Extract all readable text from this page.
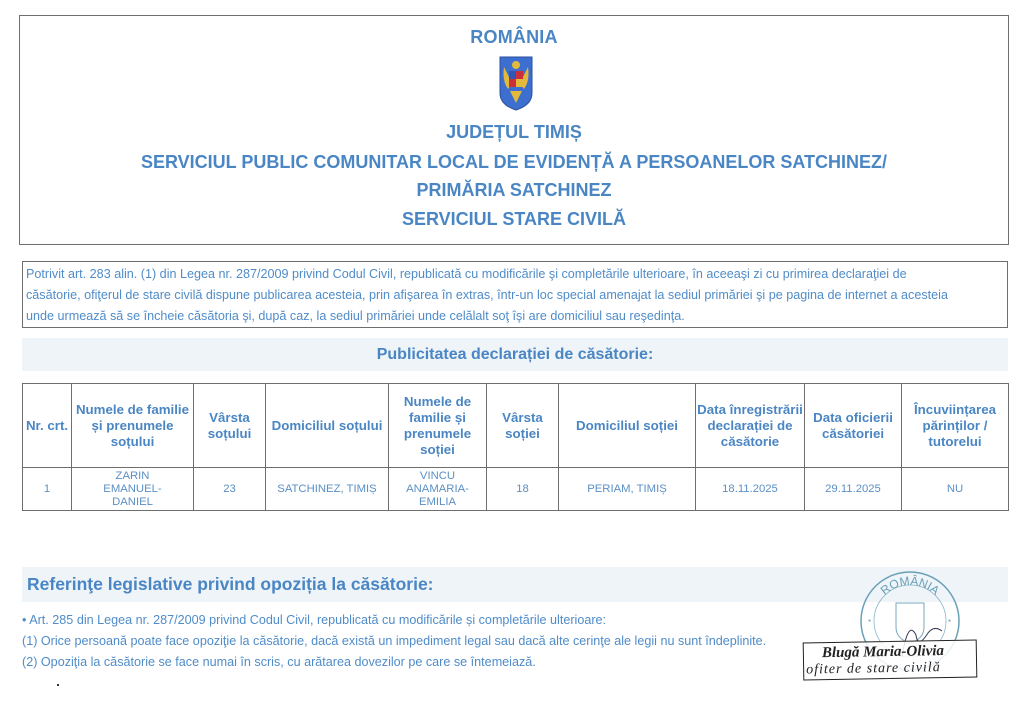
ROMÂNIA
JUDEȚUL TIMIȘ
SERVICIUL PUBLIC COMUNITAR LOCAL DE EVIDENȚĂ A PERSOANELOR SATCHINEZ/
PRIMĂRIA SATCHINEZ
SERVICIUL STARE CIVILĂ
Potrivit art. 283 alin. (1) din Legea nr. 287/2009 privind Codul Civil, republicată cu modificările şi completările ulterioare, în aceeaşi zi cu primirea declaraţiei de
căsătorie, ofiţerul de stare civilă dispune publicarea acesteia, prin afişarea în extras, într-un loc special amenajat la sediul primăriei şi pe pagina de internet a acesteia
unde urmează să se încheie căsătoria şi, după caz, la sediul primăriei unde celălalt soţ îşi are domiciliul sau reşedinţa.
Publicitatea declarației de căsătorie:
Nr. crt.	Numele de familie și prenumele soțului	Vârsta soțului	Domiciliul soțului	Numele de familie și prenumele soției	Vârsta soției	Domiciliul soției	Data înregistrării declarației de căsătorie	Data oficierii căsătoriei	Încuviințarea părinților / tutorelui
1	ZARIN EMANUEL-DANIEL	23	SATCHINEZ, TIMIȘ	VINCU ANAMARIA-EMILIA	18	PERIAM, TIMIȘ	18.11.2025	29.11.2025	NU
Referinţe legislative privind opoziția la căsătorie:
• Art. 285 din Legea nr. 287/2009 privind Codul Civil, republicată cu modificările și completările ulterioare:
(1) Orice persoană poate face opoziţie la căsătorie, dacă există un impediment legal sau dacă alte cerinţe ale legii nu sunt îndeplinite.
(2) Opoziţia la căsătorie se face numai în scris, cu arătarea dovezilor pe care se întemeiază.
ROMÂNIA
*	*
Blugă Maria-Olivia
ofiter de stare civilă
